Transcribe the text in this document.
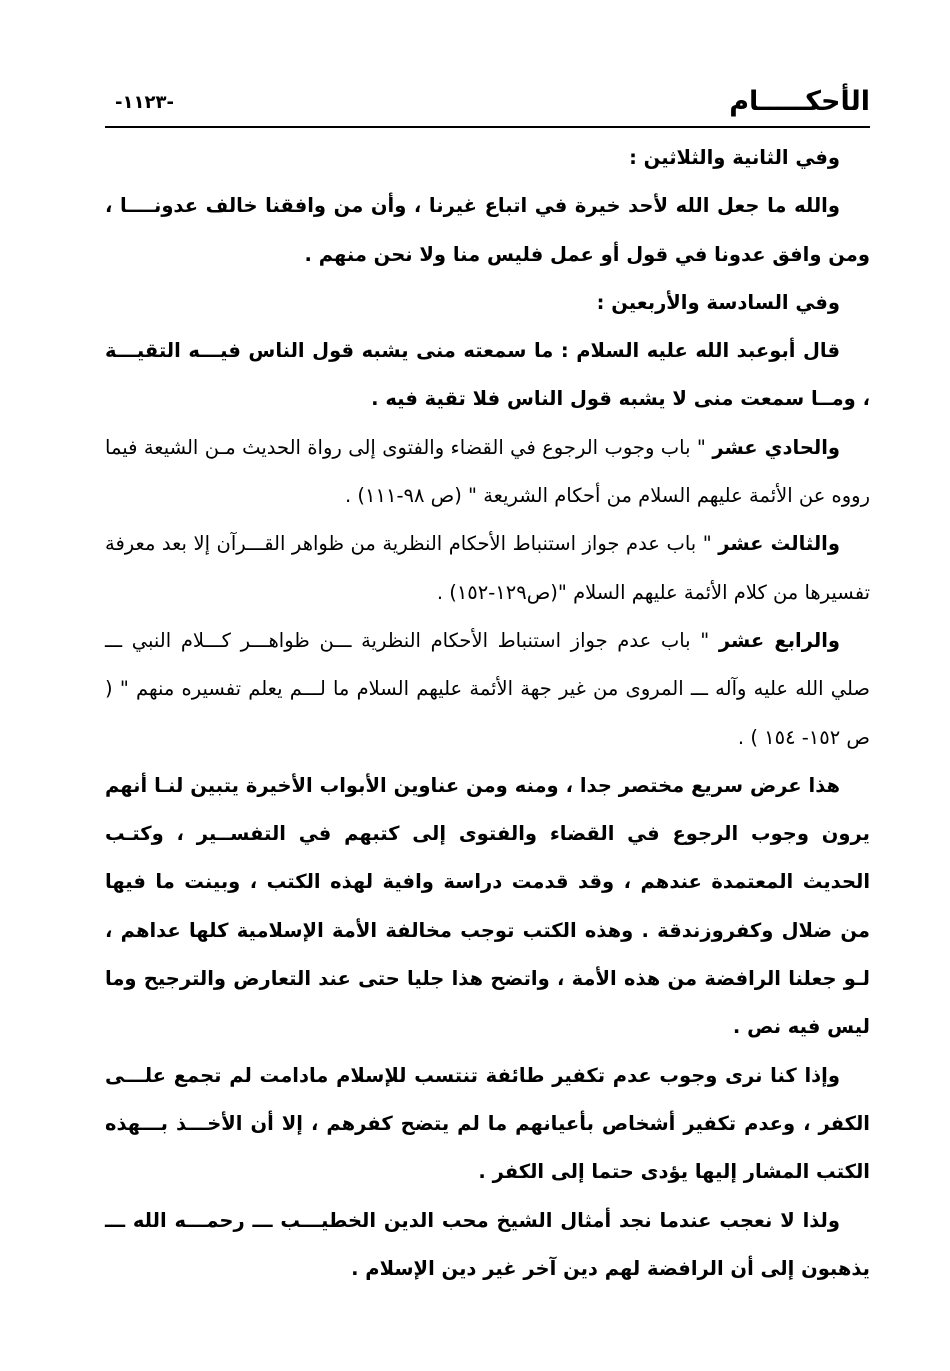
الأحكـــــام
-١١٢٣-

وفي الثانية والثلاثين :

والله ما جعل الله لأحد خيرة في اتباع غيرنا ، وأن من وافقنا خالف عدونــــا ، ومن وافق عدونا في قول أو عمل فليس منا ولا نحن منهم .

وفي السادسة والأربعين :

قال أبوعبد الله عليه السلام : ما سمعته منى يشبه قول الناس فيـــه التقيـــة ، ومــا سمعت منى لا يشبه قول الناس فلا تقية فيه .

والحادي عشر " باب وجوب الرجوع في القضاء والفتوى إلى رواة الحديث مـن الشيعة فيما رووه عن الأئمة عليهم السلام من أحكام الشريعة " (ص ٩٨-١١١) .

والثالث عشر " باب عدم جواز استنباط الأحكام النظرية من ظواهر القـــرآن إلا بعد معرفة تفسيرها من كلام الأئمة عليهم السلام "(ص١٢٩-١٥٢) .

والرابع عشر " باب عدم جواز استنباط الأحكام النظرية ـــن ظواهـــر كـــلام النبي ـــ صلي الله عليه وآله ـــ المروى من غير جهة الأئمة عليهم السلام ما لـــم يعلم تفسيره منهم " ( ص ١٥٢- ١٥٤ ) .

هذا عرض سريع مختصر جدا ، ومنه ومن عناوين الأبواب الأخيرة يتبين لنـا أنهم يرون وجوب الرجوع في القضاء والفتوى إلى كتبهم في التفســير ، وكتـب الحديث المعتمدة عندهم ، وقد قدمت دراسة وافية لهذه الكتب ، وبينت ما فيها من ضلال وكفروزندقة . وهذه الكتب توجب مخالفة الأمة الإسلامية كلها عداهم ، لـو جعلنا الرافضة من هذه الأمة ، واتضح هذا جليا حتى عند التعارض والترجيح وما ليس فيه نص .

وإذا كنا نرى وجوب عدم تكفير طائفة تنتسب للإسلام مادامت لم تجمع علـــى الكفر ، وعدم تكفير أشخاص بأعيانهم ما لم يتضح كفرهم ، إلا أن الأخـــذ بـــهذه الكتب المشار إليها يؤدى حتما إلى الكفر .

ولذا لا نعجب عندما نجد أمثال الشيخ محب الدين الخطيـــب ـــ رحمـــه الله ـــ يذهبون إلى أن الرافضة لهم دين آخر غير دين الإسلام .
